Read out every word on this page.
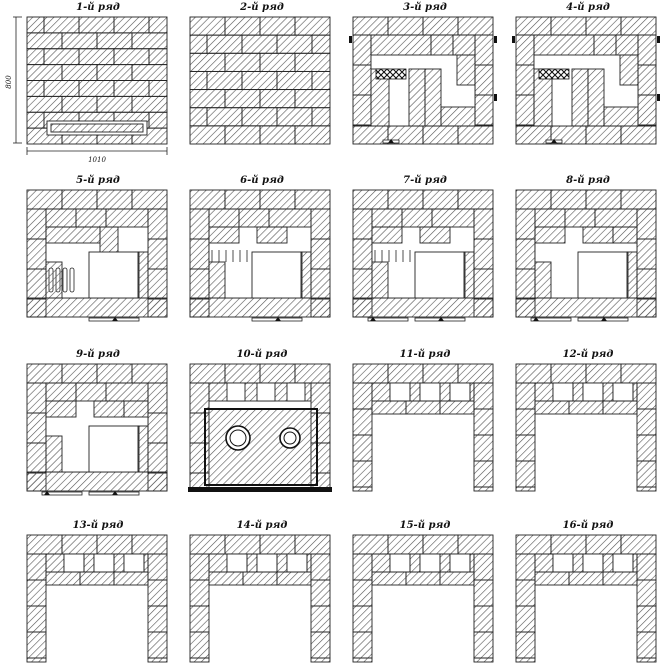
1-й ряд	2-й ряд	3-й ряд	4-й ряд
5-й ряд	6-й ряд	7-й ряд	8-й ряд
9-й ряд	10-й ряд	11-й ряд	12-й ряд
13-й ряд	14-й ряд	15-й ряд	16-й ряд
800
1010
